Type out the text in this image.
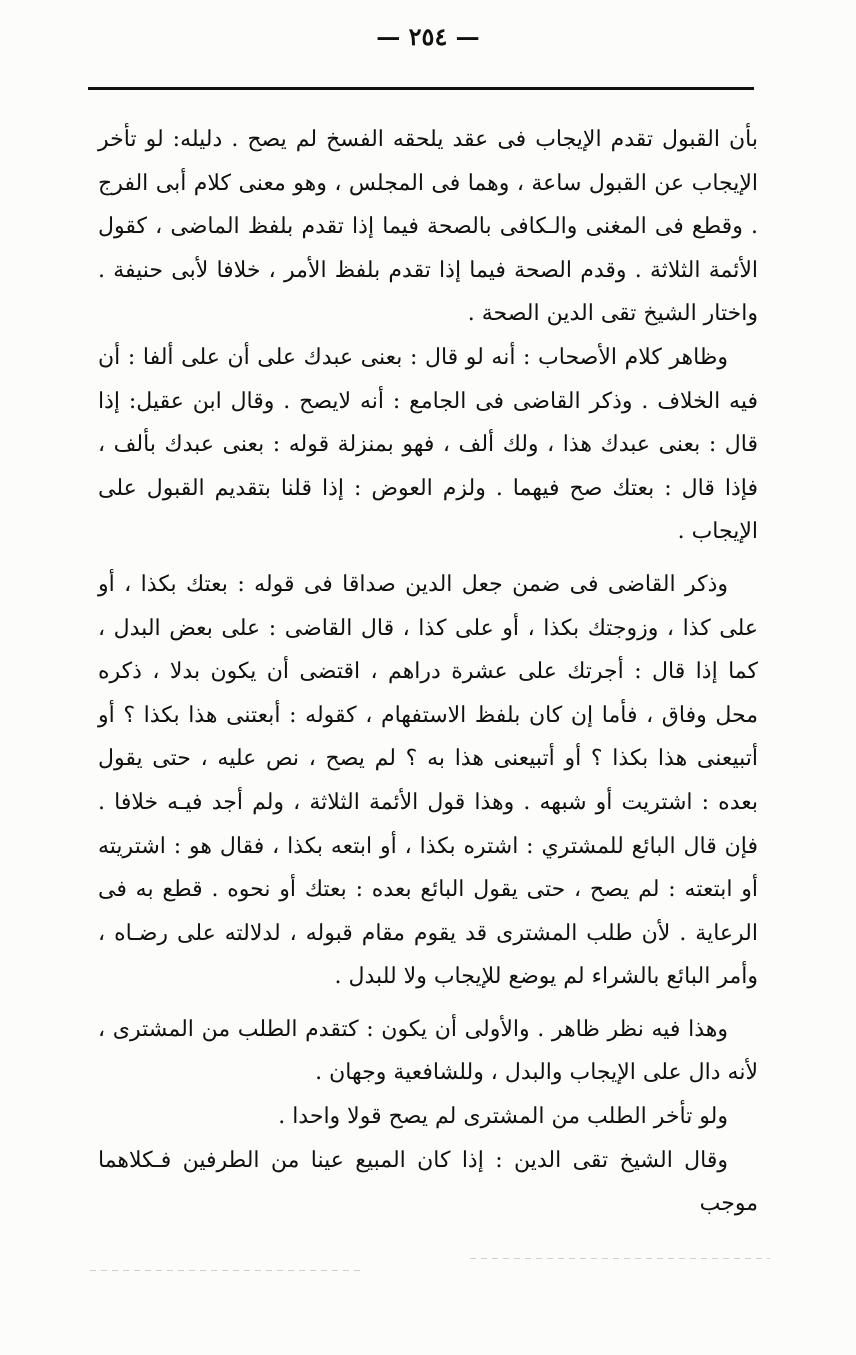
— ٢٥٤ —

بأن القبول تقدم الإيجاب فى عقد يلحقه الفسخ لم يصح . دليله: لو تأخر الإيجاب عن القبول ساعة ، وهما فى المجلس ، وهو معنى كلام أبى الفرج . وقطع فى المغنى والـكافى بالصحة فيما إذا تقدم بلفظ الماضى ، كقول الأئمة الثلاثة . وقدم الصحة فيما إذا تقدم بلفظ الأمر ، خلافا لأبى حنيفة . واختار الشيخ تقى الدين الصحة .

وظاهر كلام الأصحاب : أنه لو قال : بعنى عبدك على أن على ألفا : أن فيه الخلاف . وذكر القاضى فى الجامع : أنه لايصح . وقال ابن عقيل: إذا قال : بعنى عبدك هذا ، ولك ألف ، فهو بمنزلة قوله : بعنى عبدك بألف ، فإذا قال : بعتك صح فيهما . ولزم العوض : إذا قلنا بتقديم القبول على الإيجاب .

وذكر القاضى فى ضمن جعل الدين صداقا فى قوله : بعتك بكذا ، أو على كذا ، وزوجتك بكذا ، أو على كذا ، قال القاضى : على بعض البدل ، كما إذا قال : أجرتك على عشرة دراهم ، اقتضى أن يكون بدلا ، ذكره محل وفاق ، فأما إن كان بلفظ الاستفهام ، كقوله : أبعتنى هذا بكذا ؟ أو أتبيعنى هذا بكذا ؟ أو أتبيعنى هذا به ؟ لم يصح ، نص عليه ، حتى يقول بعده : اشتريت أو شبهه . وهذا قول الأئمة الثلاثة ، ولم أجد فيـه خلافا . فإن قال البائع للمشتري : اشتره بكذا ، أو ابتعه بكذا ، فقال هو : اشتريته أو ابتعته : لم يصح ، حتى يقول البائع بعده : بعتك أو نحوه . قطع به فى الرعاية . لأن طلب المشترى قد يقوم مقام قبوله ، لدلالته على رضـاه ، وأمر البائع بالشراء لم يوضع للإيجاب ولا للبدل .

وهذا فيه نظر ظاهر . والأولى أن يكون : كتقدم الطلب من المشترى ، لأنه دال على الإيجاب والبدل ، وللشافعية وجهان .

ولو تأخر الطلب من المشترى لم يصح قولا واحدا .

وقال الشيخ تقى الدين : إذا كان المبيع عينا من الطرفين فـكلاهما موجب
